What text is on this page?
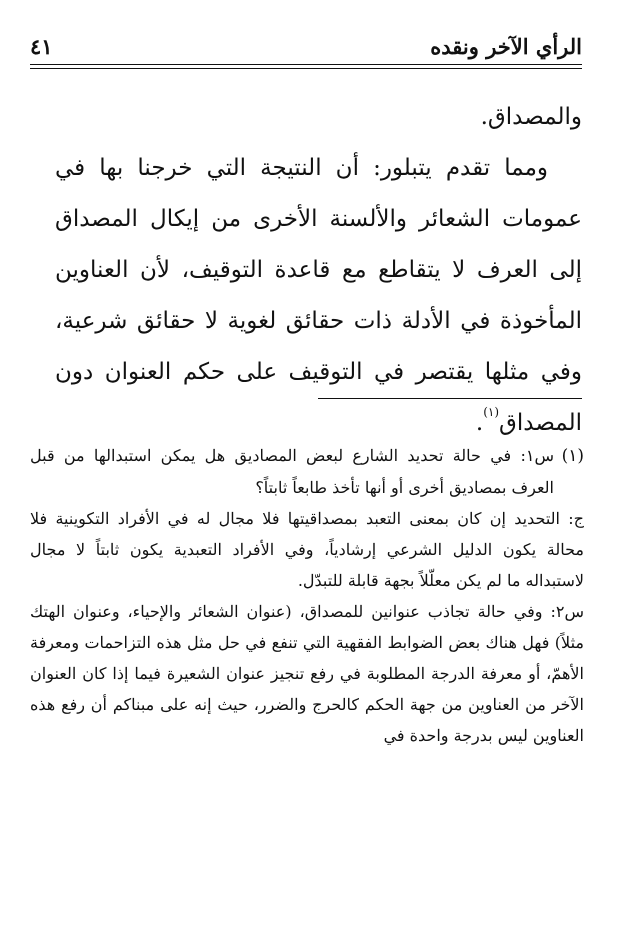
الرأي الآخر ونقده
٤١

والمصداق.

ومما تقدم يتبلور: أن النتيجة التي خرجنا بها في عمومات الشعائر والألسنة الأخرى من إيكال المصداق إلى العرف لا يتقاطع مع قاعدة التوقيف، لأن العناوين المأخوذة في الأدلة ذات حقائق لغوية لا حقائق شرعية، وفي مثلها يقتصر في التوقيف على حكم العنوان دون المصداق$^{(١)}$.

(١)س١: في حالة تحديد الشارع لبعض المصاديق هل يمكن استبدالها من قبل العرف بمصاديق أخرى أو أنها تأخذ طابعاً ثابتاً؟

ج: التحديد إن كان بمعنى التعبد بمصداقيتها فلا مجال له في الأفراد التكوينية فلا محالة يكون الدليل الشرعي إرشادياً، وفي الأفراد التعبدية يكون ثابتاً لا مجال لاستبداله ما لم يكن معلّلاً بجهة قابلة للتبدّل.

س٢: وفي حالة تجاذب عنوانين للمصداق، (عنوان الشعائر والإحياء، وعنوان الهتك مثلاً) فهل هناك بعض الضوابط الفقهية التي تنفع في حل مثل هذه التزاحمات ومعرفة الأهمّ، أو معرفة الدرجة المطلوبة في رفع تنجيز عنوان الشعيرة فيما إذا كان العنوان الآخر من العناوين من جهة الحكم كالحرج والضرر، حيث إنه على مبناكم أن رفع هذه العناوين ليس بدرجة واحدة في
